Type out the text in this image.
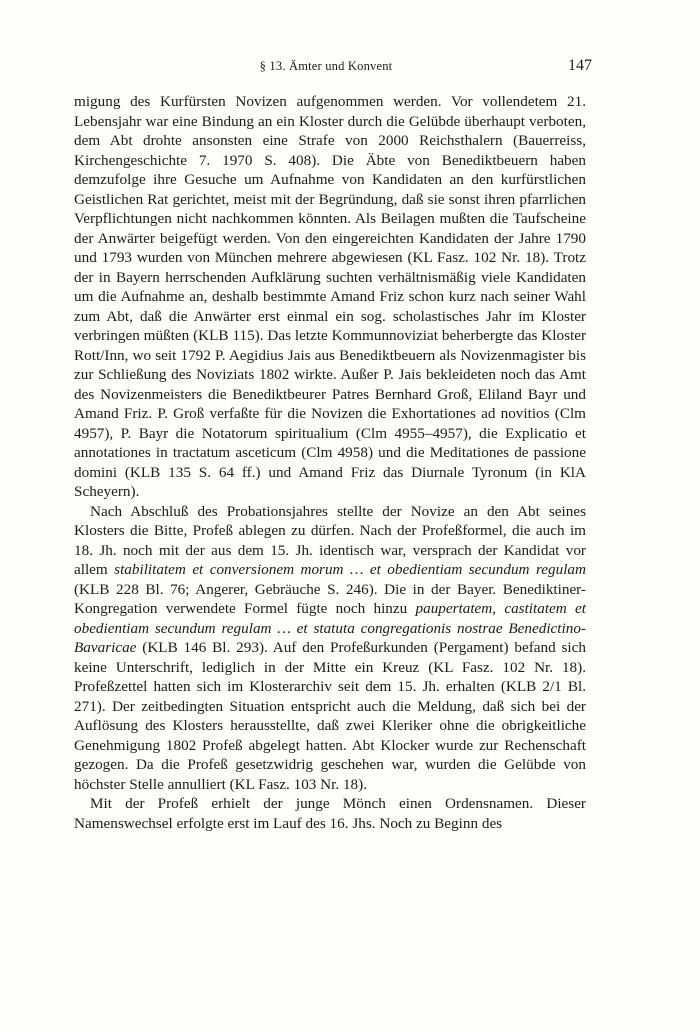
§ 13. Ämter und Konvent	147

migung des Kurfürsten Novizen aufgenommen werden. Vor vollendetem 21. Lebensjahr war eine Bindung an ein Kloster durch die Gelübde überhaupt verboten, dem Abt drohte ansonsten eine Strafe von 2000 Reichsthalern (Bauerreiss, Kirchengeschichte 7. 1970 S. 408). Die Äbte von Benediktbeuern haben demzufolge ihre Gesuche um Aufnahme von Kandidaten an den kurfürstlichen Geistlichen Rat gerichtet, meist mit der Begründung, daß sie sonst ihren pfarrlichen Verpflichtungen nicht nachkommen könnten. Als Beilagen mußten die Taufscheine der Anwärter beigefügt werden. Von den eingereichten Kandidaten der Jahre 1790 und 1793 wurden von München mehrere abgewiesen (KL Fasz. 102 Nr. 18). Trotz der in Bayern herrschenden Aufklärung suchten verhältnismäßig viele Kandidaten um die Aufnahme an, deshalb bestimmte Amand Friz schon kurz nach seiner Wahl zum Abt, daß die Anwärter erst einmal ein sog. scholastisches Jahr im Kloster verbringen müßten (KLB 115). Das letzte Kommunnoviziat beherbergte das Kloster Rott/Inn, wo seit 1792 P. Aegidius Jais aus Benediktbeuern als Novizenmagister bis zur Schließung des Noviziats 1802 wirkte. Außer P. Jais bekleideten noch das Amt des Novizenmeisters die Benediktbeurer Patres Bernhard Groß, Eliland Bayr und Amand Friz. P. Groß verfaßte für die Novizen die Exhortationes ad novitios (Clm 4957), P. Bayr die Notatorum spiritualium (Clm 4955–4957), die Explicatio et annotationes in tractatum asceticum (Clm 4958) und die Meditationes de passione domini (KLB 135 S. 64 ff.) und Amand Friz das Diurnale Tyronum (in KlA Scheyern).

Nach Abschluß des Probationsjahres stellte der Novize an den Abt seines Klosters die Bitte, Profeß ablegen zu dürfen. Nach der Profeßformel, die auch im 18. Jh. noch mit der aus dem 15. Jh. identisch war, versprach der Kandidat vor allem stabilitatem et conversionem morum … et obedientiam secundum regulam (KLB 228 Bl. 76; Angerer, Gebräuche S. 246). Die in der Bayer. Benediktiner-Kongregation verwendete Formel fügte noch hinzu paupertatem, castitatem et obedientiam secundum regulam … et statuta congregationis nostrae Benedictino-Bavaricae (KLB 146 Bl. 293). Auf den Profeßurkunden (Pergament) befand sich keine Unterschrift, lediglich in der Mitte ein Kreuz (KL Fasz. 102 Nr. 18). Profeßzettel hatten sich im Klosterarchiv seit dem 15. Jh. erhalten (KLB 2/1 Bl. 271). Der zeitbedingten Situation entspricht auch die Meldung, daß sich bei der Auflösung des Klosters herausstellte, daß zwei Kleriker ohne die obrigkeitliche Genehmigung 1802 Profeß abgelegt hatten. Abt Klocker wurde zur Rechenschaft gezogen. Da die Profeß gesetzwidrig geschehen war, wurden die Gelübde von höchster Stelle annulliert (KL Fasz. 103 Nr. 18).

Mit der Profeß erhielt der junge Mönch einen Ordensnamen. Dieser Namenswechsel erfolgte erst im Lauf des 16. Jhs. Noch zu Beginn des
